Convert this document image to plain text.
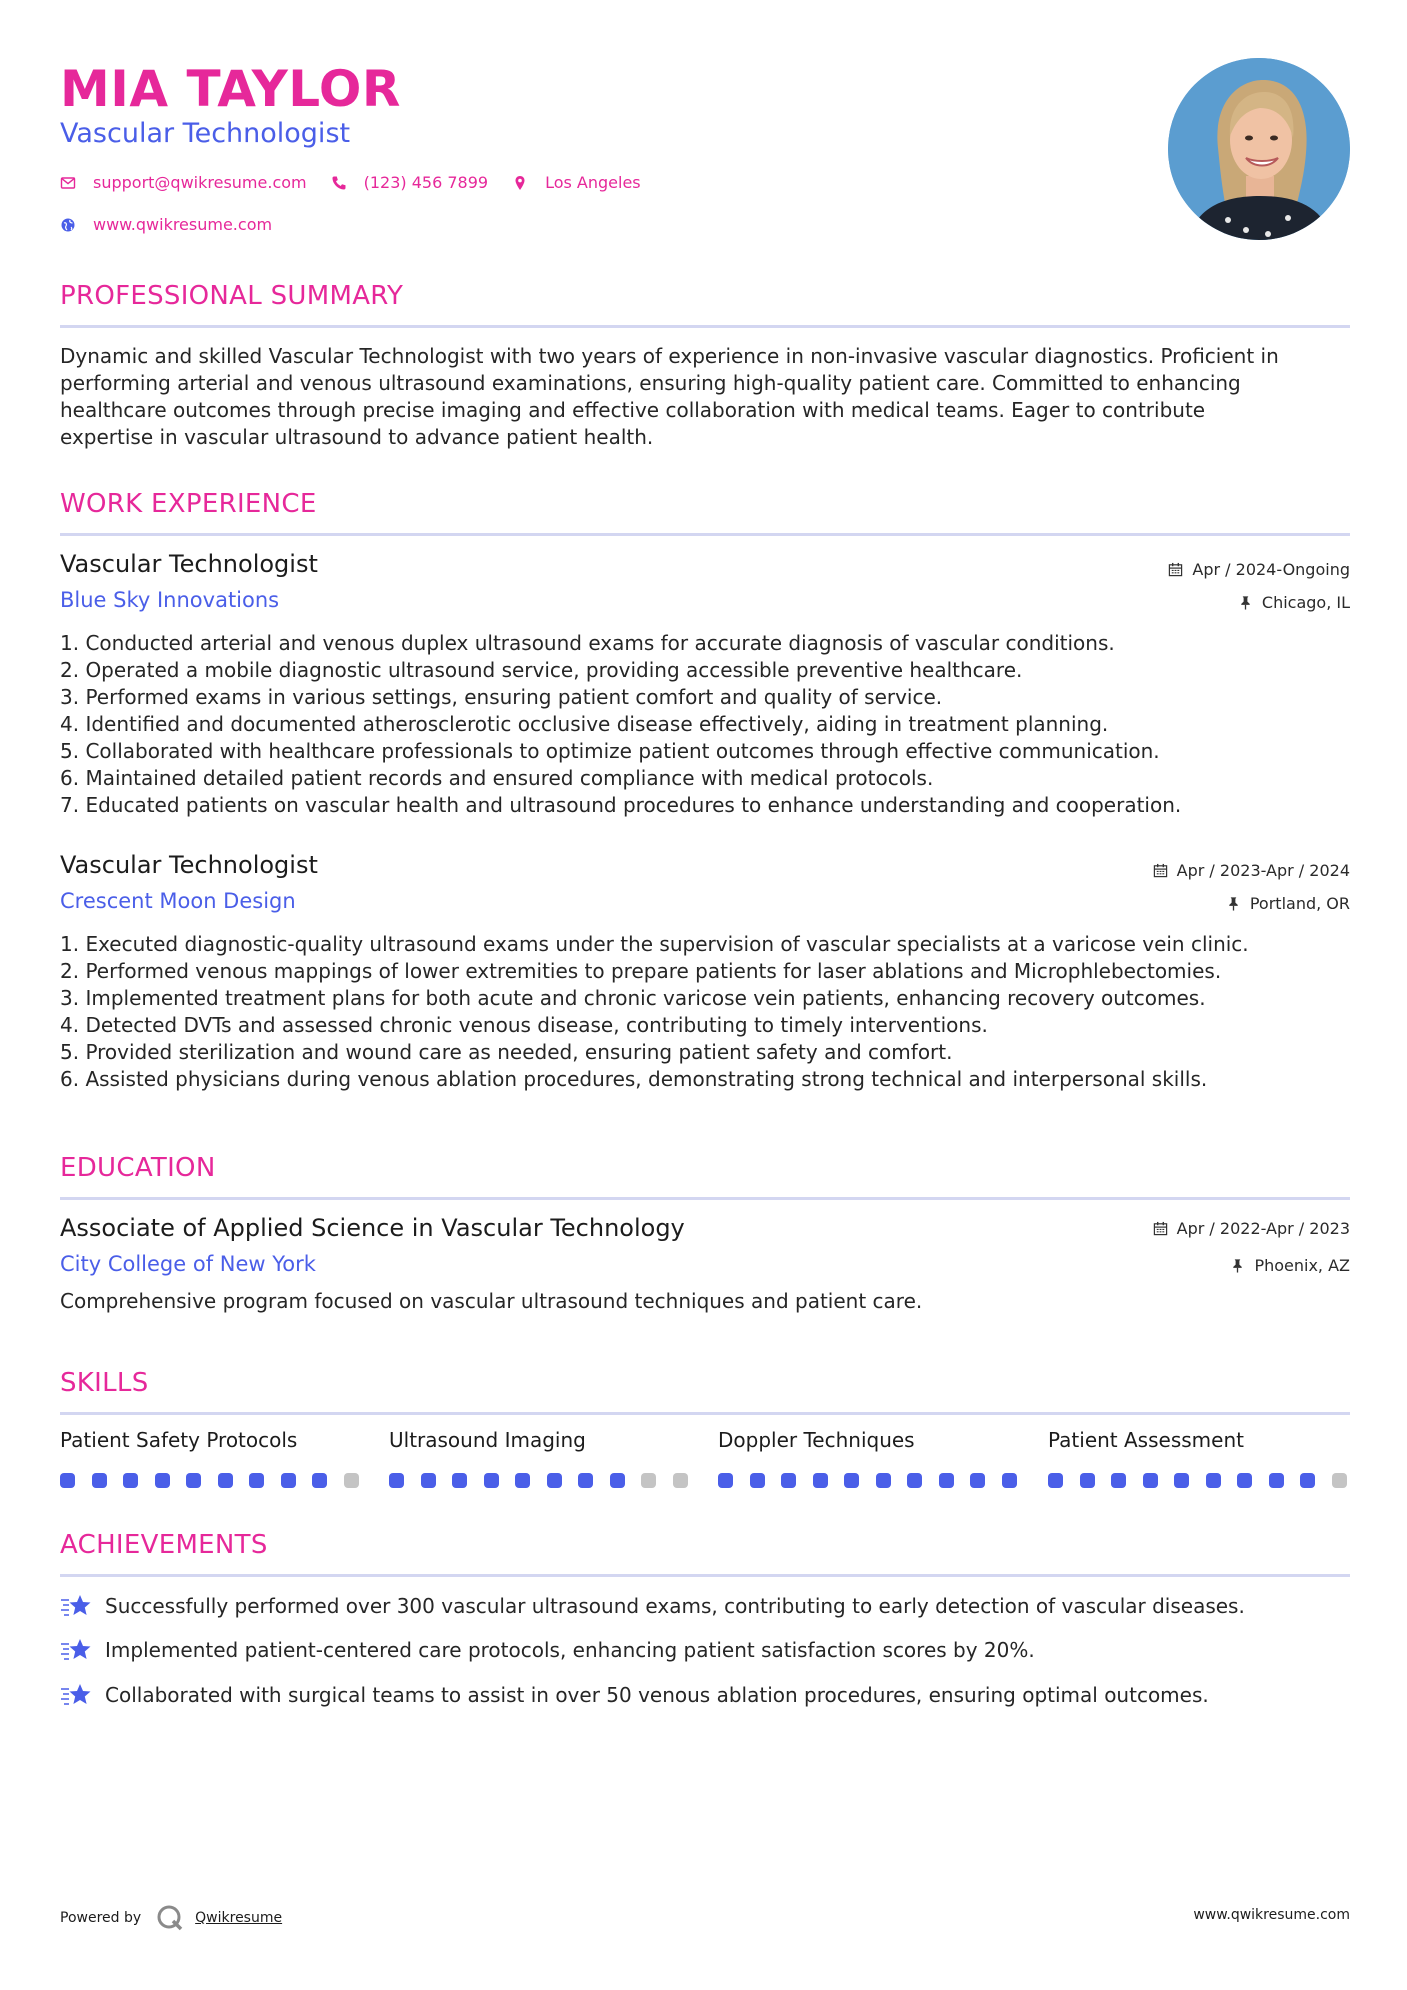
MIA TAYLOR
Vascular Technologist
support@qwikresume.com	(123) 456 7899	Los Angeles
www.qwikresume.com
PROFESSIONAL SUMMARY
Dynamic and skilled Vascular Technologist with two years of experience in non-invasive vascular diagnostics. Proficient in
performing arterial and venous ultrasound examinations, ensuring high-quality patient care. Committed to enhancing
healthcare outcomes through precise imaging and effective collaboration with medical teams. Eager to contribute
expertise in vascular ultrasound to advance patient health.
WORK EXPERIENCE
Vascular Technologist
Blue Sky Innovations
Apr / 2024-Ongoing
Chicago, IL
1. Conducted arterial and venous duplex ultrasound exams for accurate diagnosis of vascular conditions.
2. Operated a mobile diagnostic ultrasound service, providing accessible preventive healthcare.
3. Performed exams in various settings, ensuring patient comfort and quality of service.
4. Identified and documented atherosclerotic occlusive disease effectively, aiding in treatment planning.
5. Collaborated with healthcare professionals to optimize patient outcomes through effective communication.
6. Maintained detailed patient records and ensured compliance with medical protocols.
7. Educated patients on vascular health and ultrasound procedures to enhance understanding and cooperation.
Vascular Technologist
Crescent Moon Design
Apr / 2023-Apr / 2024
Portland, OR
1. Executed diagnostic-quality ultrasound exams under the supervision of vascular specialists at a varicose vein clinic.
2. Performed venous mappings of lower extremities to prepare patients for laser ablations and Microphlebectomies.
3. Implemented treatment plans for both acute and chronic varicose vein patients, enhancing recovery outcomes.
4. Detected DVTs and assessed chronic venous disease, contributing to timely interventions.
5. Provided sterilization and wound care as needed, ensuring patient safety and comfort.
6. Assisted physicians during venous ablation procedures, demonstrating strong technical and interpersonal skills.
EDUCATION
Associate of Applied Science in Vascular Technology
City College of New York
Apr / 2022-Apr / 2023
Phoenix, AZ
Comprehensive program focused on vascular ultrasound techniques and patient care.
SKILLS
Patient Safety Protocols	Ultrasound Imaging	Doppler Techniques	Patient Assessment
ACHIEVEMENTS
Successfully performed over 300 vascular ultrasound exams, contributing to early detection of vascular diseases.
Implemented patient-centered care protocols, enhancing patient satisfaction scores by 20%.
Collaborated with surgical teams to assist in over 50 venous ablation procedures, ensuring optimal outcomes.
Powered by	Qwikresume	www.qwikresume.com
